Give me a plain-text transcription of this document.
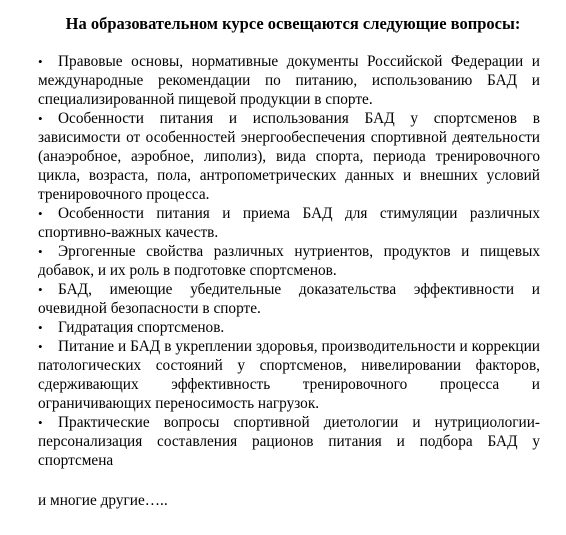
На образовательном курсе освещаются следующие вопросы:
• Правовые основы, нормативные документы Российской Федерации и международные рекомендации по питанию, использованию БАД и специализированной пищевой продукции в спорте.
• Особенности питания и использования БАД у спортсменов в зависимости от особенностей энергообеспечения спортивной деятельности (анаэробное, аэробное, липолиз), вида спорта, периода тренировочного цикла, возраста, пола, антропометрических данных и внешних условий тренировочного процесса.
• Особенности питания и приема БАД для стимуляции различных спортивно-важных качеств.
• Эргогенные свойства различных нутриентов, продуктов и пищевых добавок, и их роль в подготовке спортсменов.
• БАД, имеющие убедительные доказательства эффективности и очевидной безопасности в спорте.
• Гидратация спортсменов.
• Питание и БАД в укреплении здоровья, производительности и коррекции патологических состояний у спортсменов, нивелировании факторов, сдерживающих эффективность тренировочного процесса и ограничивающих переносимость нагрузок.
• Практические вопросы спортивной диетологии и нутрициологии-персонализация составления рационов питания и подбора БАД у спортсмена

и многие другие…..
